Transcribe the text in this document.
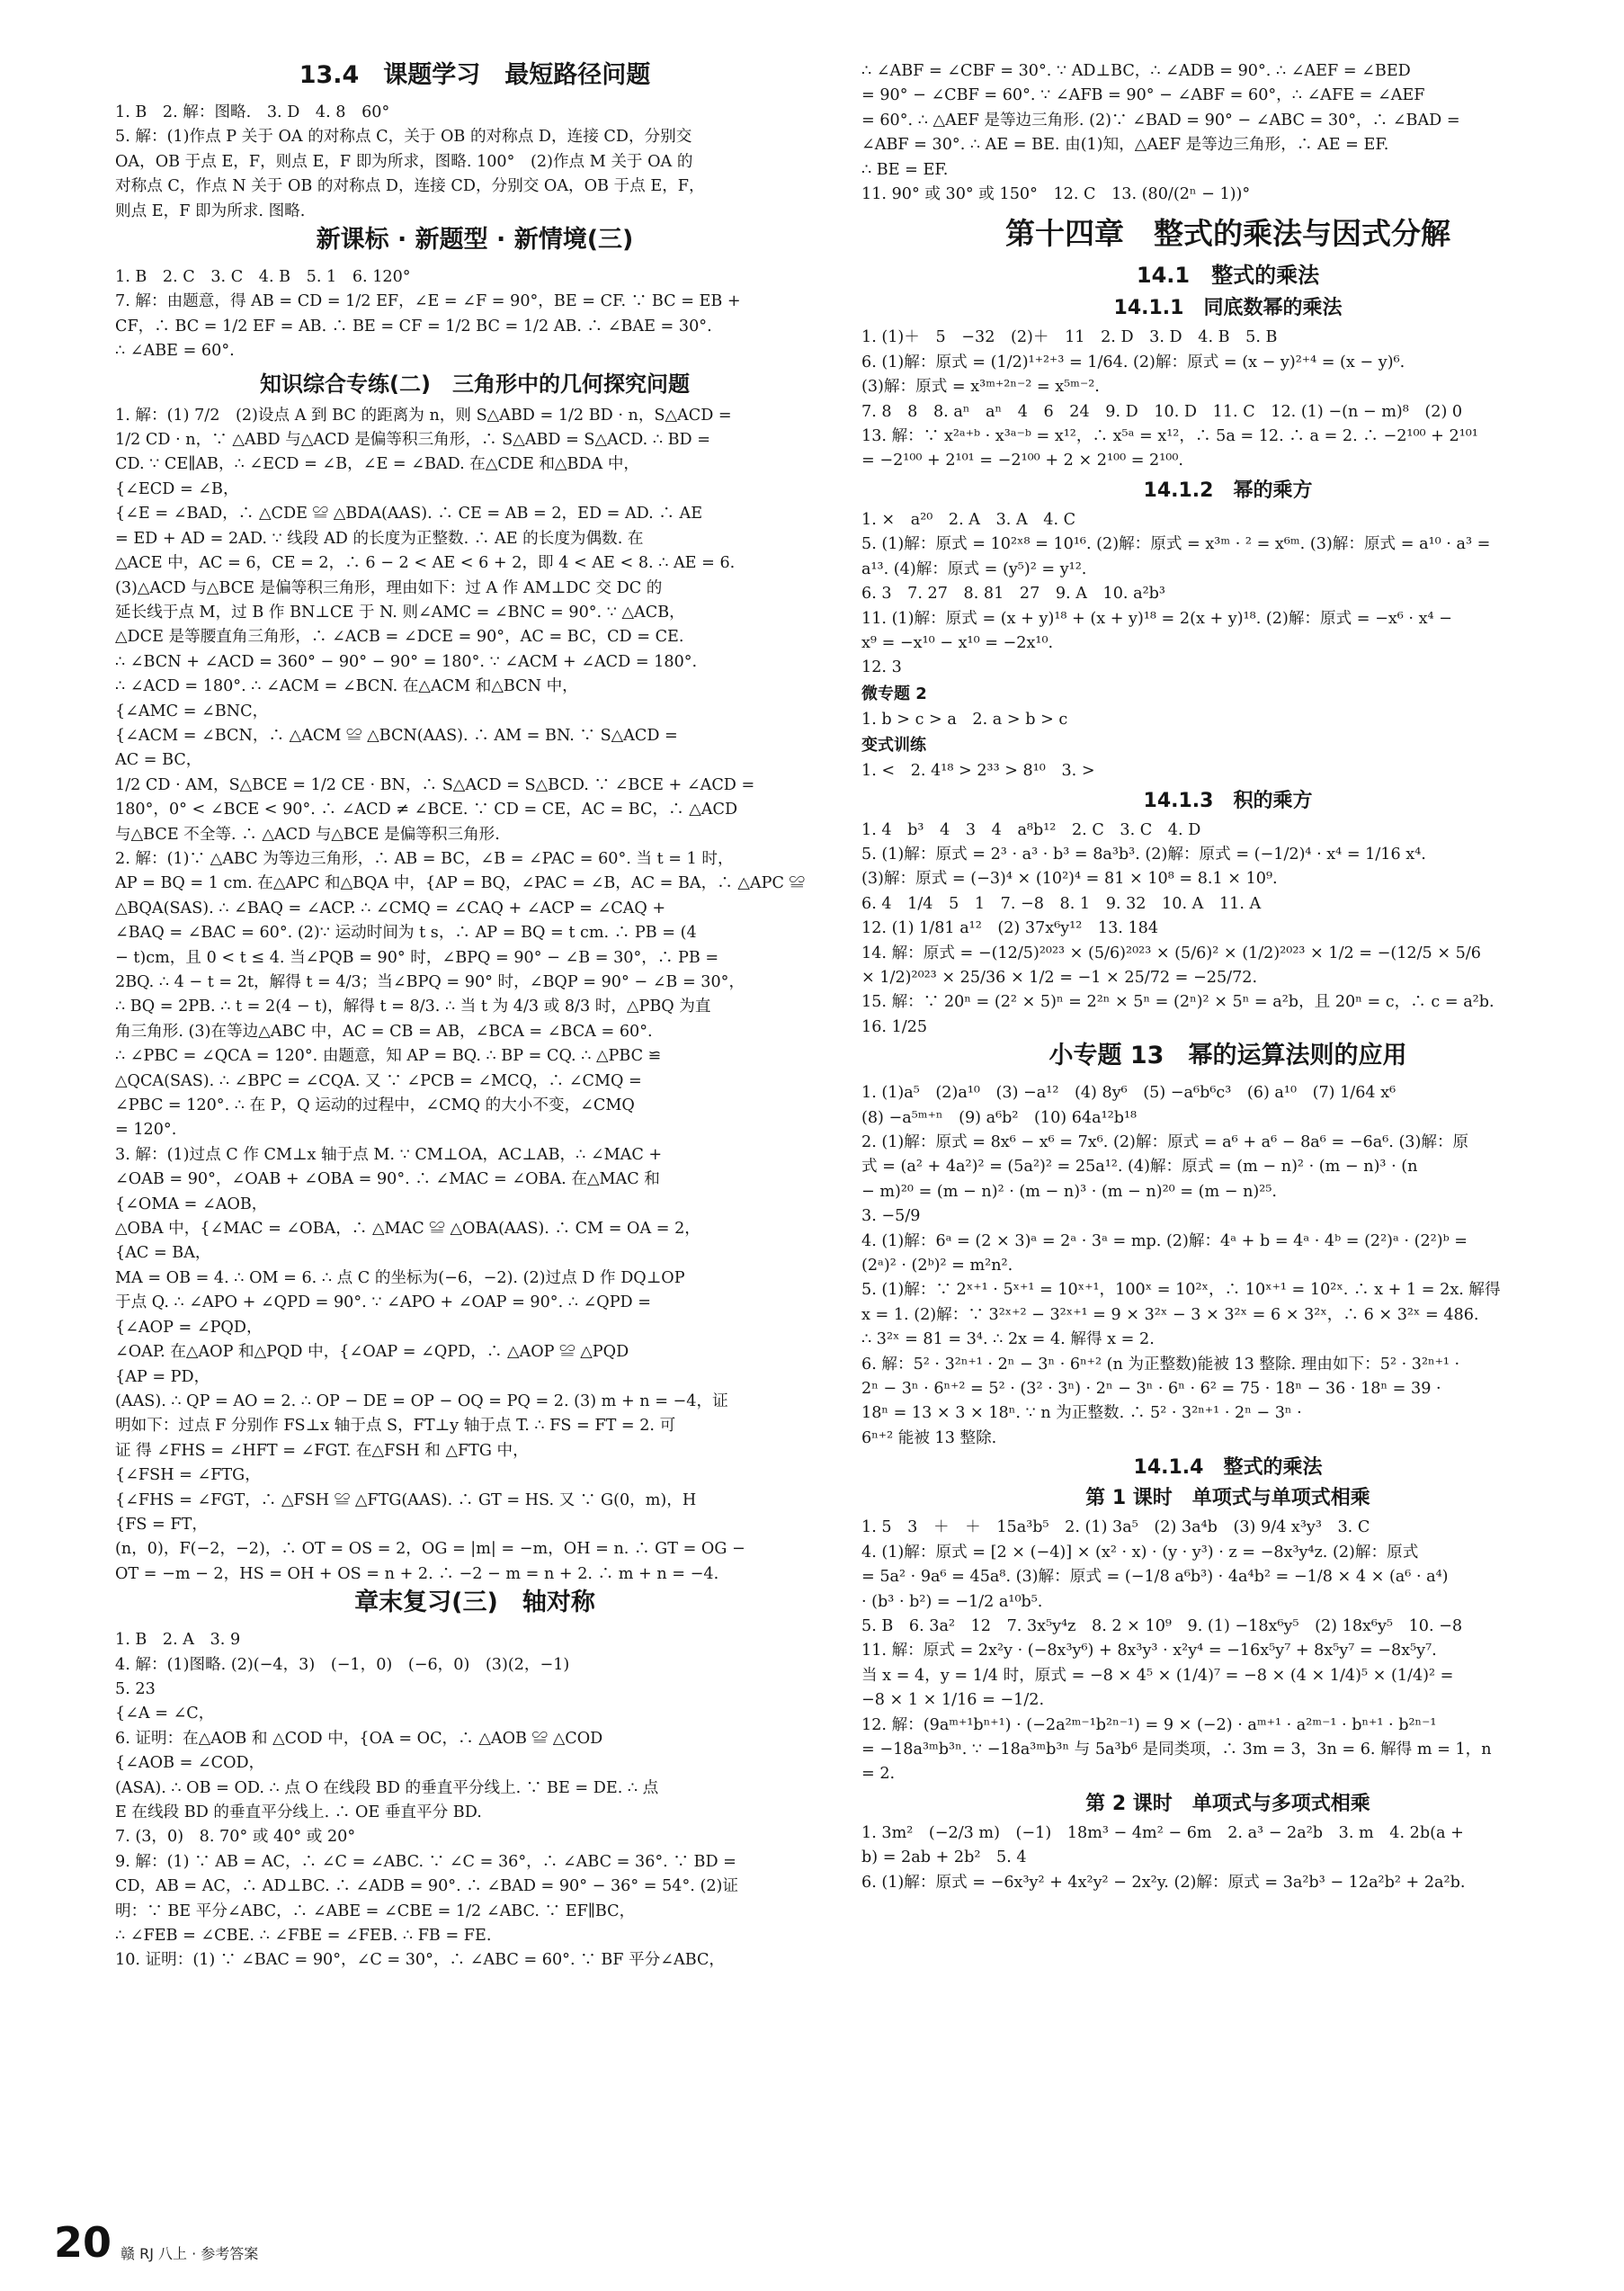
13.4　课题学习　最短路径问题
1. B　2. 解：图略.　3. D　4. 8　60°
5. 解：(1)作点 P 关于 OA 的对称点 C，关于 OB 的对称点 D，连接 CD，分别交
OA，OB 于点 E，F，则点 E，F 即为所求，图略. 100°　(2)作点 M 关于 OA 的
对称点 C，作点 N 关于 OB 的对称点 D，连接 CD，分别交 OA，OB 于点 E，F，
则点 E，F 即为所求. 图略.
新课标 · 新题型 · 新情境(三)
1. B　2. C　3. C　4. B　5. 1　6. 120°
7. 解：由题意，得 AB = CD = 1/2 EF，∠E = ∠F = 90°，BE = CF. ∵ BC = EB +
CF，∴ BC = 1/2 EF = AB. ∴ BE = CF = 1/2 BC = 1/2 AB. ∴ ∠BAE = 30°.
∴ ∠ABE = 60°.
知识综合专练(二)　三角形中的几何探究问题
1. 解：(1) 7/2　(2)设点 A 到 BC 的距离为 n，则 S△ABD = 1/2 BD · n，S△ACD =
1/2 CD · n，∵ △ABD 与△ACD 是偏等积三角形，∴ S△ABD = S△ACD. ∴ BD =
CD. ∵ CE∥AB，∴ ∠ECD = ∠B，∠E = ∠BAD. 在△CDE 和△BDA 中，
{∠ECD = ∠B，
{∠E = ∠BAD，∴ △CDE ≌ △BDA(AAS). ∴ CE = AB = 2，ED = AD. ∴ AE
= ED + AD = 2AD. ∵ 线段 AD 的长度为正整数. ∴ AE 的长度为偶数. 在
△ACE 中，AC = 6，CE = 2，∴ 6 − 2 < AE < 6 + 2，即 4 < AE < 8. ∴ AE = 6.
(3)△ACD 与△BCE 是偏等积三角形，理由如下：过 A 作 AM⊥DC 交 DC 的
延长线于点 M，过 B 作 BN⊥CE 于 N. 则∠AMC = ∠BNC = 90°. ∵ △ACB，
△DCE 是等腰直角三角形，∴ ∠ACB = ∠DCE = 90°，AC = BC，CD = CE.
∴ ∠BCN + ∠ACD = 360° − 90° − 90° = 180°. ∵ ∠ACM + ∠ACD = 180°.
∴ ∠ACD = 180°. ∴ ∠ACM = ∠BCN. 在△ACM 和△BCN 中，
{∠AMC = ∠BNC，
{∠ACM = ∠BCN，∴ △ACM ≌ △BCN(AAS). ∴ AM = BN. ∵ S△ACD =
AC = BC，
1/2 CD · AM，S△BCE = 1/2 CE · BN，∴ S△ACD = S△BCD. ∵ ∠BCE + ∠ACD =
180°，0° < ∠BCE < 90°. ∴ ∠ACD ≠ ∠BCE. ∵ CD = CE，AC = BC，∴ △ACD
与△BCE 不全等. ∴ △ACD 与△BCE 是偏等积三角形.
2. 解：(1)∵ △ABC 为等边三角形，∴ AB = BC，∠B = ∠PAC = 60°. 当 t = 1 时，
AP = BQ = 1 cm. 在△APC 和△BQA 中，{AP = BQ，∠PAC = ∠B，AC = BA，∴ △APC ≌
△BQA(SAS). ∴ ∠BAQ = ∠ACP. ∴ ∠CMQ = ∠CAQ + ∠ACP = ∠CAQ +
∠BAQ = ∠BAC = 60°. (2)∵ 运动时间为 t s，∴ AP = BQ = t cm. ∴ PB = (4
− t)cm，且 0 < t ≤ 4. 当∠PQB = 90° 时，∠BPQ = 90° − ∠B = 30°，∴ PB =
2BQ. ∴ 4 − t = 2t，解得 t = 4/3；当∠BPQ = 90° 时，∠BQP = 90° − ∠B = 30°，
∴ BQ = 2PB. ∴ t = 2(4 − t)，解得 t = 8/3. ∴ 当 t 为 4/3 或 8/3 时，△PBQ 为直
角三角形. (3)在等边△ABC 中，AC = CB = AB，∠BCA = ∠BCA = 60°.
∴ ∠PBC = ∠QCA = 120°. 由题意，知 AP = BQ. ∴ BP = CQ. ∴ △PBC ≌
△QCA(SAS). ∴ ∠BPC = ∠CQA. 又 ∵ ∠PCB = ∠MCQ，∴ ∠CMQ =
∠PBC = 120°. ∴ 在 P，Q 运动的过程中，∠CMQ 的大小不变，∠CMQ
= 120°.
3. 解：(1)过点 C 作 CM⊥x 轴于点 M. ∵ CM⊥OA，AC⊥AB，∴ ∠MAC +
∠OAB = 90°，∠OAB + ∠OBA = 90°. ∴ ∠MAC = ∠OBA. 在△MAC 和
{∠OMA = ∠AOB，
△OBA 中，{∠MAC = ∠OBA，∴ △MAC ≌ △OBA(AAS). ∴ CM = OA = 2，
{AC = BA，
MA = OB = 4. ∴ OM = 6. ∴ 点 C 的坐标为(−6，−2). (2)过点 D 作 DQ⊥OP
于点 Q. ∴ ∠APO + ∠QPD = 90°. ∵ ∠APO + ∠OAP = 90°. ∴ ∠QPD =
{∠AOP = ∠PQD，
∠OAP. 在△AOP 和△PQD 中，{∠OAP = ∠QPD，∴ △AOP ≌ △PQD
{AP = PD，
(AAS). ∴ QP = AO = 2. ∴ OP − DE = OP − OQ = PQ = 2. (3) m + n = −4，证
明如下：过点 F 分别作 FS⊥x 轴于点 S，FT⊥y 轴于点 T. ∴ FS = FT = 2. 可
证 得 ∠FHS = ∠HFT = ∠FGT. 在△FSH 和 △FTG 中，
{∠FSH = ∠FTG，
{∠FHS = ∠FGT，∴ △FSH ≌ △FTG(AAS). ∴ GT = HS. 又 ∵ G(0，m)，H
{FS = FT，
(n，0)，F(−2，−2)，∴ OT = OS = 2，OG = |m| = −m，OH = n. ∴ GT = OG −
OT = −m − 2，HS = OH + OS = n + 2. ∴ −2 − m = n + 2. ∴ m + n = −4.
章末复习(三)　轴对称
1. B　2. A　3. 9
4. 解：(1)图略. (2)(−4，3)　(−1，0)　(−6，0)　(3)(2，−1)
5. 23
{∠A = ∠C，
6. 证明：在△AOB 和 △COD 中，{OA = OC，∴ △AOB ≌ △COD
{∠AOB = ∠COD，
(ASA). ∴ OB = OD. ∴ 点 O 在线段 BD 的垂直平分线上. ∵ BE = DE. ∴ 点
E 在线段 BD 的垂直平分线上. ∴ OE 垂直平分 BD.
7. (3，0)　8. 70° 或 40° 或 20°
9. 解：(1) ∵ AB = AC，∴ ∠C = ∠ABC. ∵ ∠C = 36°，∴ ∠ABC = 36°. ∵ BD =
CD，AB = AC，∴ AD⊥BC. ∴ ∠ADB = 90°. ∴ ∠BAD = 90° − 36° = 54°. (2)证
明：∵ BE 平分∠ABC，∴ ∠ABE = ∠CBE = 1/2 ∠ABC. ∵ EF∥BC，
∴ ∠FEB = ∠CBE. ∴ ∠FBE = ∠FEB. ∴ FB = FE.
10. 证明：(1) ∵ ∠BAC = 90°，∠C = 30°，∴ ∠ABC = 60°. ∵ BF 平分∠ABC，
∴ ∠ABF = ∠CBF = 30°. ∵ AD⊥BC，∴ ∠ADB = 90°. ∴ ∠AEF = ∠BED
= 90° − ∠CBF = 60°. ∵ ∠AFB = 90° − ∠ABF = 60°，∴ ∠AFE = ∠AEF
= 60°. ∴ △AEF 是等边三角形. (2)∵ ∠BAD = 90° − ∠ABC = 30°，∴ ∠BAD =
∠ABF = 30°. ∴ AE = BE. 由(1)知，△AEF 是等边三角形，∴ AE = EF.
∴ BE = EF.
11. 90° 或 30° 或 150°　12. C　13. (80/(2ⁿ − 1))°
第十四章　整式的乘法与因式分解
14.1　整式的乘法
14.1.1　同底数幂的乘法
1. (1)＋　5　−32　(2)＋　11　2. D　3. D　4. B　5. B
6. (1)解：原式 = (1/2)¹⁺²⁺³ = 1/64. (2)解：原式 = (x − y)²⁺⁴ = (x − y)⁶.
(3)解：原式 = x³ᵐ⁺²ⁿ⁻² = x⁵ᵐ⁻².
7. 8　8　8. aⁿ　aⁿ　4　6　24　9. D　10. D　11. C　12. (1) −(n − m)⁸　(2) 0
13. 解：∵ x²ᵃ⁺ᵇ · x³ᵃ⁻ᵇ = x¹²，∴ x⁵ᵃ = x¹²，∴ 5a = 12. ∴ a = 2. ∴ −2¹⁰⁰ + 2¹⁰¹
= −2¹⁰⁰ + 2¹⁰¹ = −2¹⁰⁰ + 2 × 2¹⁰⁰ = 2¹⁰⁰.
14.1.2　幂的乘方
1. ×　a²⁰　2. A　3. A　4. C
5. (1)解：原式 = 10²ˣ⁸ = 10¹⁶. (2)解：原式 = x³ᵐ · ² = x⁶ᵐ. (3)解：原式 = a¹⁰ · a³ =
a¹³. (4)解：原式 = (y⁵)² = y¹².
6. 3　7. 27　8. 81　27　9. A　10. a²b³
11. (1)解：原式 = (x + y)¹⁸ + (x + y)¹⁸ = 2(x + y)¹⁸. (2)解：原式 = −x⁶ · x⁴ −
x⁹ = −x¹⁰ − x¹⁰ = −2x¹⁰.
12. 3
微专题 2
1. b > c > a　2. a > b > c
变式训练
1. <　2. 4¹⁸ > 2³³ > 8¹⁰　3. >
14.1.3　积的乘方
1. 4　b³　4　3　4　a⁸b¹²　2. C　3. C　4. D
5. (1)解：原式 = 2³ · a³ · b³ = 8a³b³. (2)解：原式 = (−1/2)⁴ · x⁴ = 1/16 x⁴.
(3)解：原式 = (−3)⁴ × (10²)⁴ = 81 × 10⁸ = 8.1 × 10⁹.
6. 4　1/4　5　1　7. −8　8. 1　9. 32　10. A　11. A
12. (1) 1/81 a¹²　(2) 37x⁶y¹²　13. 184
14. 解：原式 = −(12/5)²⁰²³ × (5/6)²⁰²³ × (5/6)² × (1/2)²⁰²³ × 1/2 = −(12/5 × 5/6
× 1/2)²⁰²³ × 25/36 × 1/2 = −1 × 25/72 = −25/72.
15. 解：∵ 20ⁿ = (2² × 5)ⁿ = 2²ⁿ × 5ⁿ = (2ⁿ)² × 5ⁿ = a²b，且 20ⁿ = c，∴ c = a²b.
16. 1/25
小专题 13　幂的运算法则的应用
1. (1)a⁵　(2)a¹⁰　(3) −a¹²　(4) 8y⁶　(5) −a⁶b⁶c³　(6) a¹⁰　(7) 1/64 x⁶
(8) −a⁵ᵐ⁺ⁿ　(9) a⁶b²　(10) 64a¹²b¹⁸
2. (1)解：原式 = 8x⁶ − x⁶ = 7x⁶. (2)解：原式 = a⁶ + a⁶ − 8a⁶ = −6a⁶. (3)解：原
式 = (a² + 4a²)² = (5a²)² = 25a¹². (4)解：原式 = (m − n)² · (m − n)³ · (n
− m)²⁰ = (m − n)² · (m − n)³ · (m − n)²⁰ = (m − n)²⁵.
3. −5/9
4. (1)解：6ᵃ = (2 × 3)ᵃ = 2ᵃ · 3ᵃ = mp. (2)解：4ᵃ + b = 4ᵃ · 4ᵇ = (2²)ᵃ · (2²)ᵇ =
(2ᵃ)² · (2ᵇ)² = m²n².
5. (1)解：∵ 2ˣ⁺¹ · 5ˣ⁺¹ = 10ˣ⁺¹，100ˣ = 10²ˣ，∴ 10ˣ⁺¹ = 10²ˣ. ∴ x + 1 = 2x. 解得
x = 1. (2)解：∵ 3²ˣ⁺² − 3²ˣ⁺¹ = 9 × 3²ˣ − 3 × 3²ˣ = 6 × 3²ˣ，∴ 6 × 3²ˣ = 486.
∴ 3²ˣ = 81 = 3⁴. ∴ 2x = 4. 解得 x = 2.
6. 解：5² · 3²ⁿ⁺¹ · 2ⁿ − 3ⁿ · 6ⁿ⁺² (n 为正整数)能被 13 整除. 理由如下：5² · 3²ⁿ⁺¹ ·
2ⁿ − 3ⁿ · 6ⁿ⁺² = 5² · (3² · 3ⁿ) · 2ⁿ − 3ⁿ · 6ⁿ · 6² = 75 · 18ⁿ − 36 · 18ⁿ = 39 ·
18ⁿ = 13 × 3 × 18ⁿ. ∵ n 为正整数. ∴ 5² · 3²ⁿ⁺¹ · 2ⁿ − 3ⁿ ·
6ⁿ⁺² 能被 13 整除.
14.1.4　整式的乘法
第 1 课时　单项式与单项式相乘
1. 5　3　＋　＋　15a³b⁵　2. (1) 3a⁵　(2) 3a⁴b　(3) 9/4 x³y³　3. C
4. (1)解：原式 = [2 × (−4)] × (x² · x) · (y · y³) · z = −8x³y⁴z. (2)解：原式
= 5a² · 9a⁶ = 45a⁸. (3)解：原式 = (−1/8 a⁶b³) · 4a⁴b² = −1/8 × 4 × (a⁶ · a⁴)
· (b³ · b²) = −1/2 a¹⁰b⁵.
5. B　6. 3a²　12　7. 3x⁵y⁴z　8. 2 × 10⁹　9. (1) −18x⁶y⁵　(2) 18x⁶y⁵　10. −8
11. 解：原式 = 2x²y · (−8x³y⁶) + 8x³y³ · x²y⁴ = −16x⁵y⁷ + 8x⁵y⁷ = −8x⁵y⁷.
当 x = 4，y = 1/4 时，原式 = −8 × 4⁵ × (1/4)⁷ = −8 × (4 × 1/4)⁵ × (1/4)² =
−8 × 1 × 1/16 = −1/2.
12. 解：(9aᵐ⁺¹bⁿ⁺¹) · (−2a²ᵐ⁻¹b²ⁿ⁻¹) = 9 × (−2) · aᵐ⁺¹ · a²ᵐ⁻¹ · bⁿ⁺¹ · b²ⁿ⁻¹
= −18a³ᵐb³ⁿ. ∵ −18a³ᵐb³ⁿ 与 5a³b⁶ 是同类项，∴ 3m = 3，3n = 6. 解得 m = 1，n
= 2.
第 2 课时　单项式与多项式相乘
1. 3m²　(−2/3 m)　(−1)　18m³ − 4m² − 6m　2. a³ − 2a²b　3. m　4. 2b(a +
b) = 2ab + 2b²　5. 4
6. (1)解：原式 = −6x³y² + 4x²y² − 2x²y. (2)解：原式 = 3a²b³ − 12a²b² + 2a²b.
20 赣 RJ 八上 · 参考答案
